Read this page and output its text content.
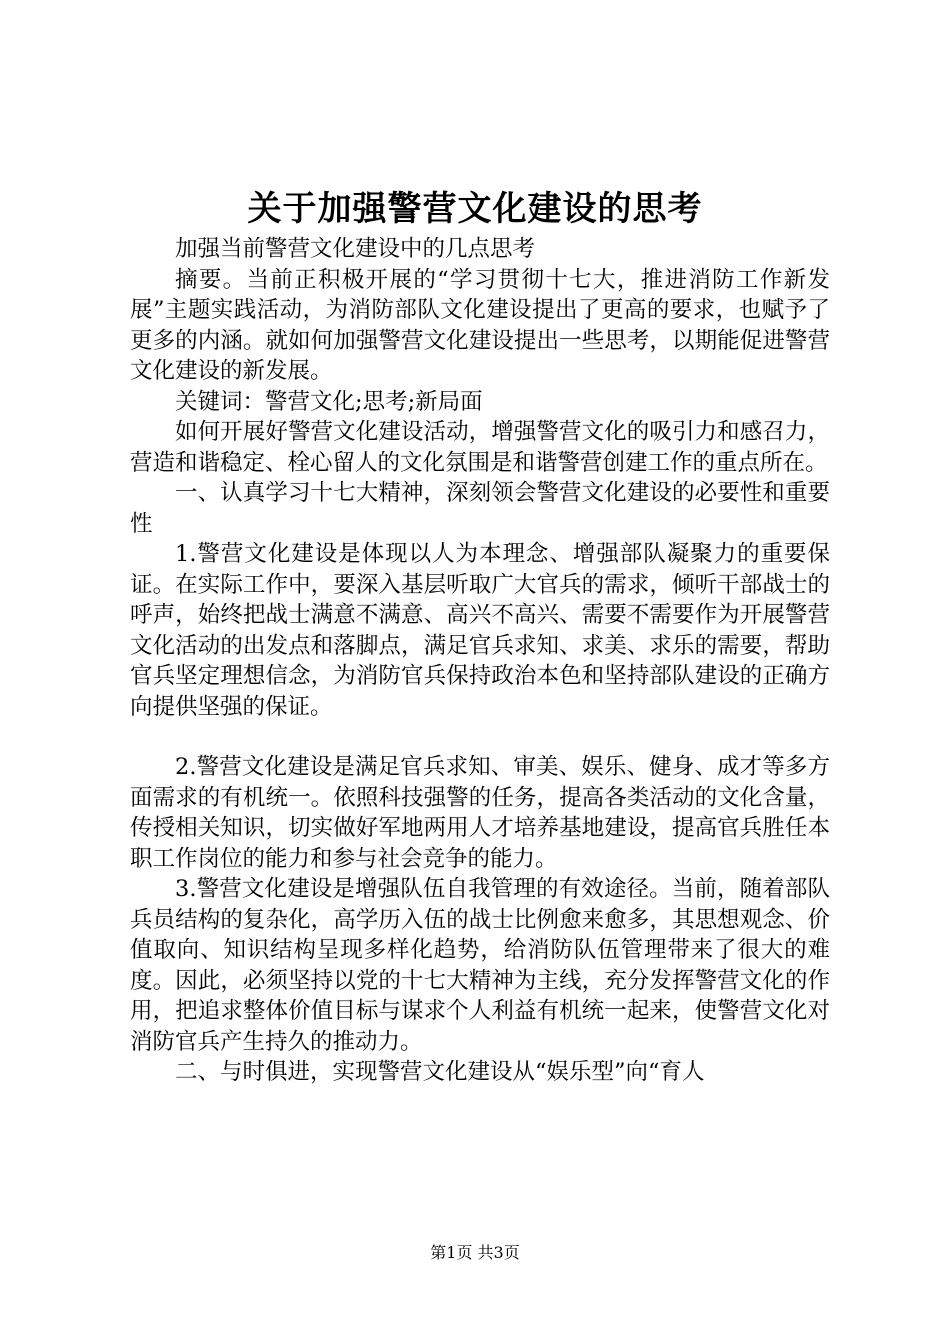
关于加强警营文化建设的思考

加强当前警营文化建设中的几点思考

摘要。当前正积极开展的“学习贯彻十七大，推进消防工作新发展”主题实践活动，为消防部队文化建设提出了更高的要求，也赋予了更多的内涵。就如何加强警营文化建设提出一些思考，以期能促进警营文化建设的新发展。

关键词：警营文化;思考;新局面

如何开展好警营文化建设活动，增强警营文化的吸引力和感召力，营造和谐稳定、栓心留人的文化氛围是和谐警营创建工作的重点所在。

一、认真学习十七大精神，深刻领会警营文化建设的必要性和重要性

1.警营文化建设是体现以人为本理念、增强部队凝聚力的重要保证。在实际工作中，要深入基层听取广大官兵的需求，倾听干部战士的呼声，始终把战士满意不满意、高兴不高兴、需要不需要作为开展警营文化活动的出发点和落脚点，满足官兵求知、求美、求乐的需要，帮助官兵坚定理想信念，为消防官兵保持政治本色和坚持部队建设的正确方向提供坚强的保证。

2.警营文化建设是满足官兵求知、审美、娱乐、健身、成才等多方面需求的有机统一。依照科技强警的任务，提高各类活动的文化含量，传授相关知识，切实做好军地两用人才培养基地建设，提高官兵胜任本职工作岗位的能力和参与社会竞争的能力。

3.警营文化建设是增强队伍自我管理的有效途径。当前，随着部队兵员结构的复杂化，高学历入伍的战士比例愈来愈多，其思想观念、价值取向、知识结构呈现多样化趋势，给消防队伍管理带来了很大的难度。因此，必须坚持以党的十七大精神为主线，充分发挥警营文化的作用，把追求整体价值目标与谋求个人利益有机统一起来，使警营文化对消防官兵产生持久的推动力。

二、与时俱进，实现警营文化建设从“娱乐型”向“育人

第1页 共3页
